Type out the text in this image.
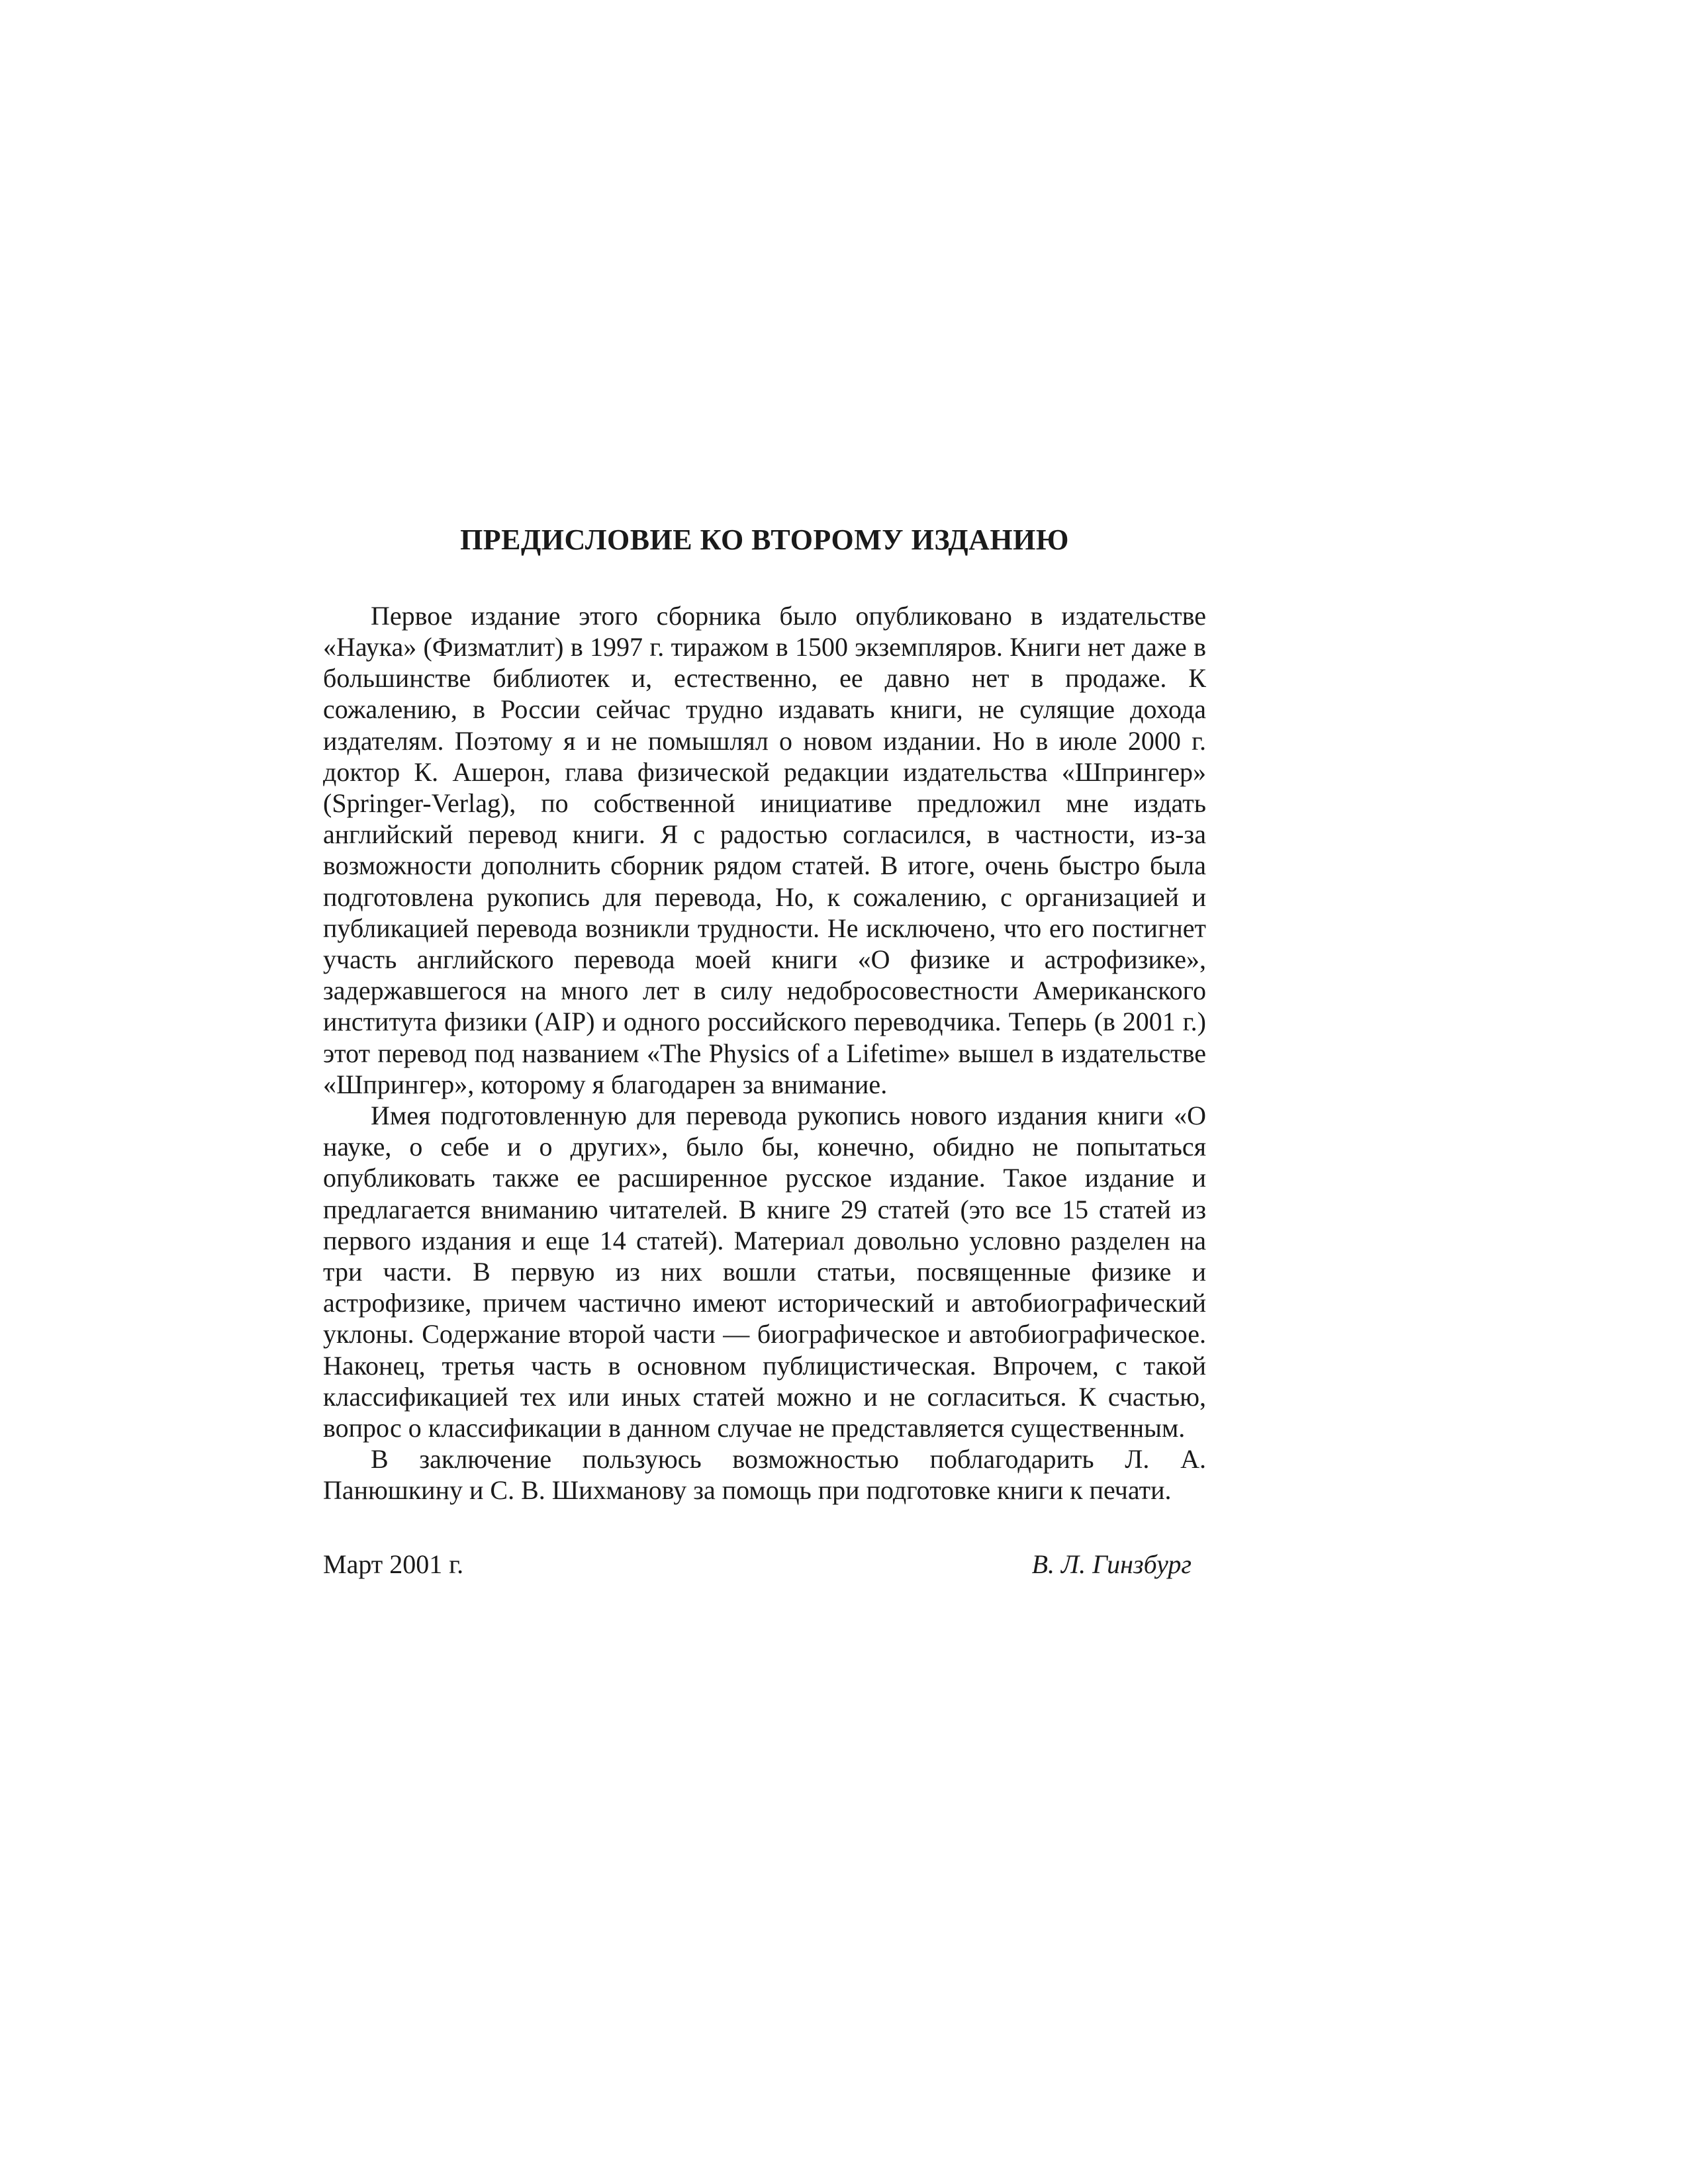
ПРЕДИСЛОВИЕ КО ВТОРОМУ ИЗДАНИЮ

Первое издание этого сборника было опубликовано в издательстве «Наука» (Физматлит) в 1997 г. тиражом в 1500 экземпляров. Книги нет даже в большинстве библиотек и, естественно, ее давно нет в продаже. К сожалению, в России сейчас трудно издавать книги, не сулящие дохода издателям. Поэтому я и не помышлял о новом издании. Но в июле 2000 г. доктор К. Ашерон, глава физической редакции издательства «Шпрингер» (Springer-Verlag), по собственной инициативе предложил мне издать английский перевод книги. Я с радостью согласился, в частности, из-за возможности дополнить сборник рядом статей. В итоге, очень быстро была подготовлена рукопись для перевода, Но, к сожалению, с организацией и публикацией перевода возникли трудности. Не исключено, что его постигнет участь английского перевода моей книги «О физике и астрофизике», задержавшегося на много лет в силу недобросовестности Американского института физики (AIP) и одного российского переводчика. Теперь (в 2001 г.) этот перевод под названием «The Physics of a Lifetime» вышел в издательстве «Шпрингер», которому я благодарен за внимание.

Имея подготовленную для перевода рукопись нового издания книги «О науке, о себе и о других», было бы, конечно, обидно не попытаться опубликовать также ее расширенное русское издание. Такое издание и предлагается вниманию читателей. В книге 29 статей (это все 15 статей из первого издания и еще 14 статей). Материал довольно условно разделен на три части. В первую из них вошли статьи, посвященные физике и астрофизике, причем частично имеют исторический и автобиографический уклоны. Содержание второй части — биографическое и автобиографическое. Наконец, третья часть в основном публицистическая. Впрочем, с такой классификацией тех или иных статей можно и не согласиться. К счастью, вопрос о классификации в данном случае не представляется существенным.

В заключение пользуюсь возможностью поблагодарить Л. А. Панюшкину и С. В. Шихманову за помощь при подготовке книги к печати.

Март 2001 г.	В. Л. Гинзбург
